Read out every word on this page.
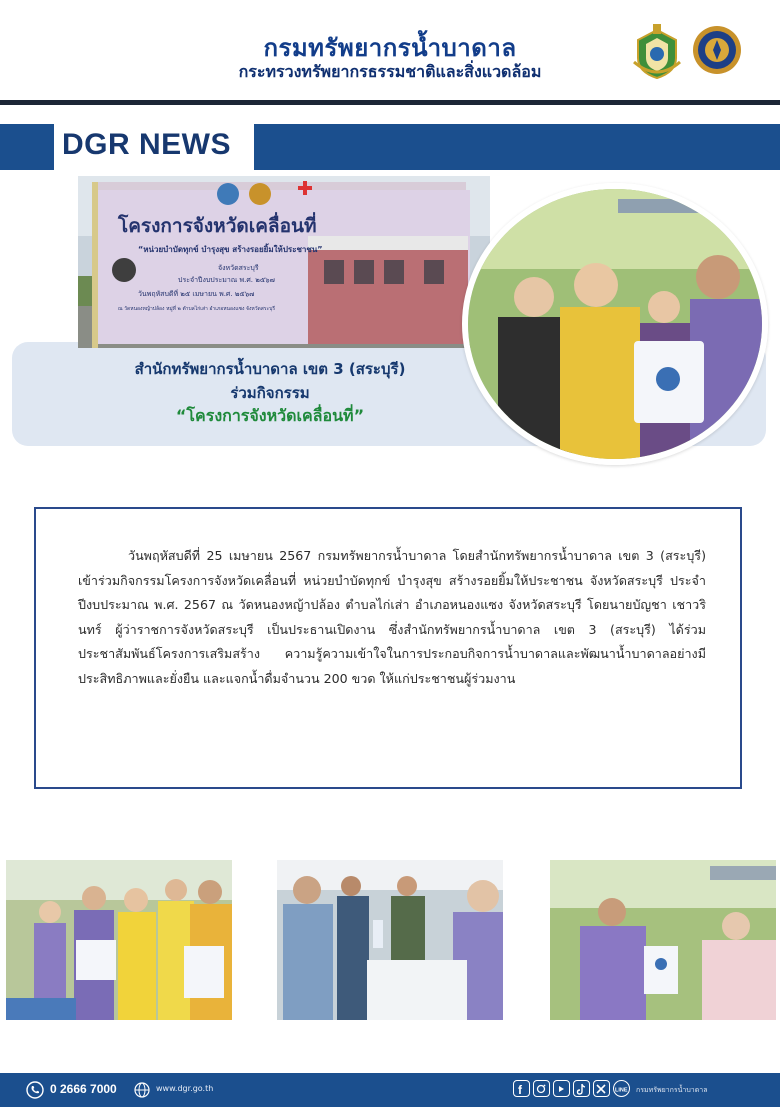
กรมทรัพยากรน้ำบาดาล
กระทรวงทรัพยากรธรรมชาติและสิ่งแวดล้อม
DGR NEWS
โครงการจังหวัดเคลื่อนที่
“หน่วยบำบัดทุกข์ บำรุงสุข สร้างรอยยิ้มให้ประชาชน”
จังหวัดสระบุรี
ประจำปีงบประมาณ พ.ศ. ๒๕๖๗
วันพฤหัสบดีที่ ๒๕ เมษายน พ.ศ. ๒๕๖๗
ณ วัดหนองหญ้าปล้อง หมู่ที่ ๒ ตำบลไก่เส่า อำเภอหนองแซง จังหวัดสระบุรี
สำนักทรัพยากรน้ำบาดาล เขต 3 (สระบุรี)
ร่วมกิจกรรม
“โครงการจังหวัดเคลื่อนที่”

วันพฤหัสบดีที่ 25 เมษายน 2567 กรมทรัพยากรน้ำบาดาล โดยสำนักทรัพยากรน้ำบาดาล เขต 3 (สระบุรี) เข้าร่วมกิจกรรมโครงการจังหวัดเคลื่อนที่ หน่วยบำบัดทุกข์ บำรุงสุข สร้างรอยยิ้มให้ประชาชน จังหวัดสระบุรี ประจำปีงบประมาณ พ.ศ. 2567 ณ วัดหนองหญ้าปล้อง ตำบลไก่เส่า อำเภอหนองแซง จังหวัดสระบุรี โดยนายบัญชา เชาวรินทร์ ผู้ว่าราชการจังหวัดสระบุรี เป็นประธานเปิดงาน ซึ่งสำนักทรัพยากรน้ำบาดาล เขต 3 (สระบุรี) ได้ร่วมประชาสัมพันธ์โครงการเสริมสร้าง ความรู้ความเข้าใจในการประกอบกิจการน้ำบาดาลและพัฒนาน้ำบาดาลอย่างมีประสิทธิภาพและยั่งยืน และแจกน้ำดื่มจำนวน 200 ขวด ให้แก่ประชาชนผู้ร่วมงาน

0 2666 7000	www.dgr.go.th	f	LINE กรมทรัพยากรน้ำบาดาล
